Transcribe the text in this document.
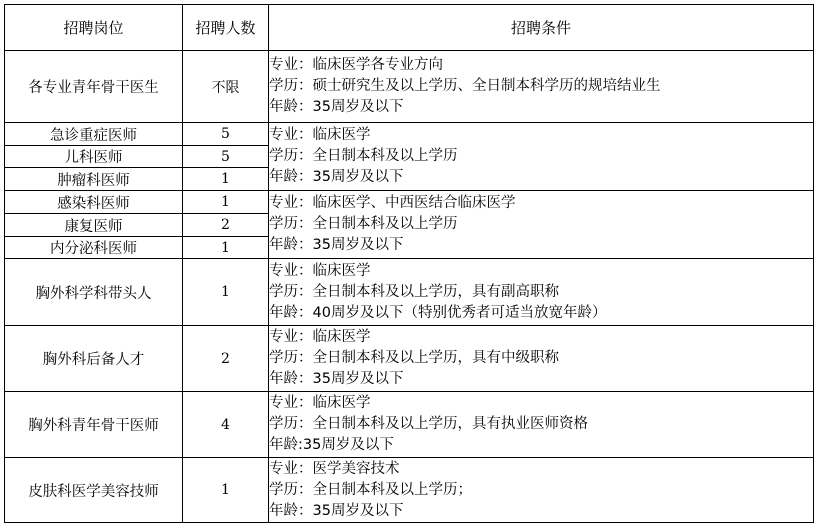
招聘岗位	招聘人数	招聘条件
各专业青年骨干医生	不限	专业：临床医学各专业方向
学历：硕士研究生及以上学历、全日制本科学历的规培结业生
年龄：35周岁及以下

急诊重症医师	5	专业：临床医学
学历：全日制本科及以上学历
年龄：35周岁及以下

儿科医师	5	
肿瘤科医师	1	
感染科医师	1	专业：临床医学、中西医结合临床医学
学历：全日制本科及以上学历
年龄：35周岁及以下

康复医师	2	
内分泌科医师	1	
胸外科学科带头人	1	专业：临床医学
学历：全日制本科及以上学历，具有副高职称
年龄：40周岁及以下（特别优秀者可适当放宽年龄）

胸外科后备人才	2	专业：临床医学
学历：全日制本科及以上学历，具有中级职称
年龄：35周岁及以下

胸外科青年骨干医师	4	专业：临床医学
学历：全日制本科及以上学历，具有执业医师资格
年龄:35周岁及以下

皮肤科医学美容技师	1	专业：医学美容技术
学历：全日制本科及以上学历；
年龄：35周岁及以下
